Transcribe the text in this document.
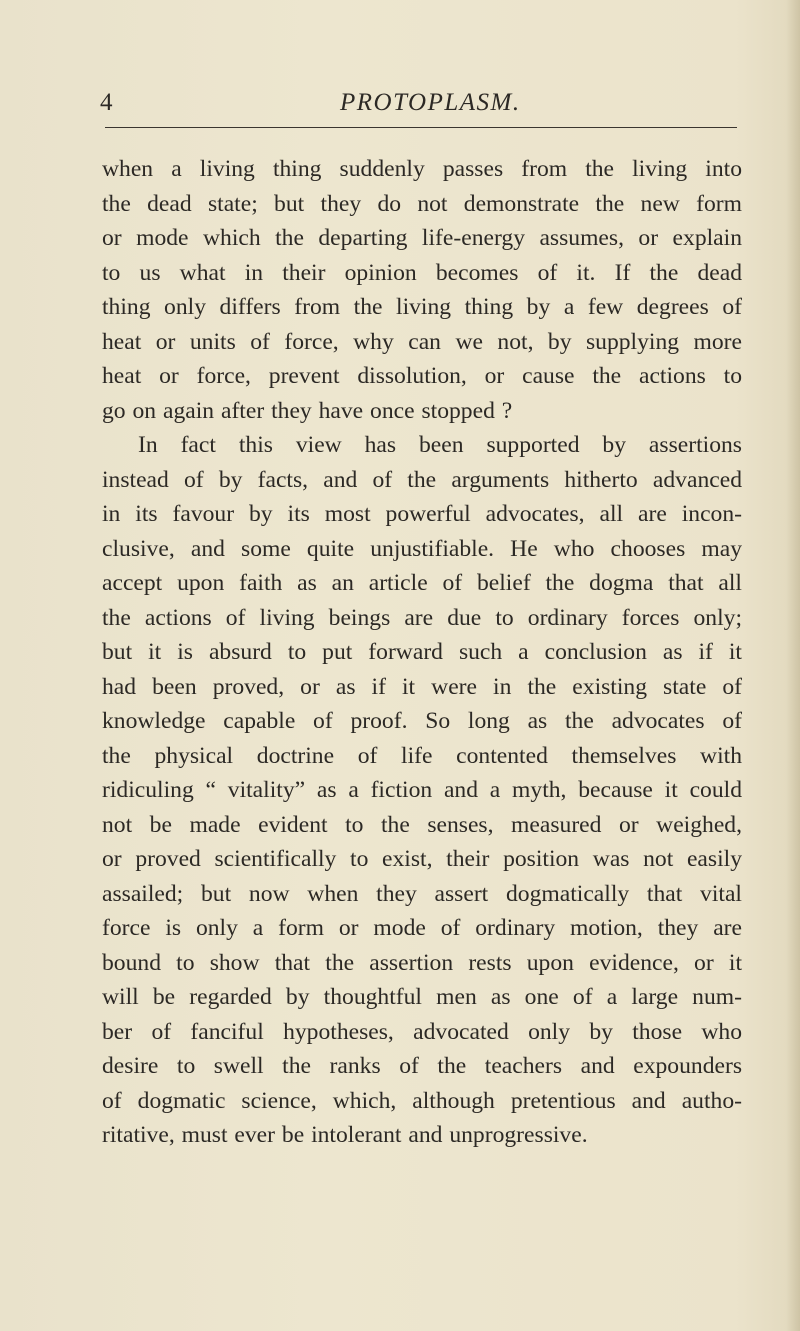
4	PROTOPLASM.
when a living thing suddenly passes from the living into
the dead state; but they do not demonstrate the new form
or mode which the departing life-energy assumes, or explain
to us what in their opinion becomes of it. If the dead
thing only differs from the living thing by a few degrees of
heat or units of force, why can we not, by supplying more
heat or force, prevent dissolution, or cause the actions to
go on again after they have once stopped ?
In fact this view has been supported by assertions
instead of by facts, and of the arguments hitherto advanced
in its favour by its most powerful advocates, all are incon-
clusive, and some quite unjustifiable. He who chooses may
accept upon faith as an article of belief the dogma that all
the actions of living beings are due to ordinary forces only;
but it is absurd to put forward such a conclusion as if it
had been proved, or as if it were in the existing state of
knowledge capable of proof. So long as the advocates of
the physical doctrine of life contented themselves with
ridiculing “ vitality” as a fiction and a myth, because it could
not be made evident to the senses, measured or weighed,
or proved scientifically to exist, their position was not easily
assailed; but now when they assert dogmatically that vital
force is only a form or mode of ordinary motion, they are
bound to show that the assertion rests upon evidence, or it
will be regarded by thoughtful men as one of a large num-
ber of fanciful hypotheses, advocated only by those who
desire to swell the ranks of the teachers and expounders
of dogmatic science, which, although pretentious and autho-
ritative, must ever be intolerant and unprogressive.
